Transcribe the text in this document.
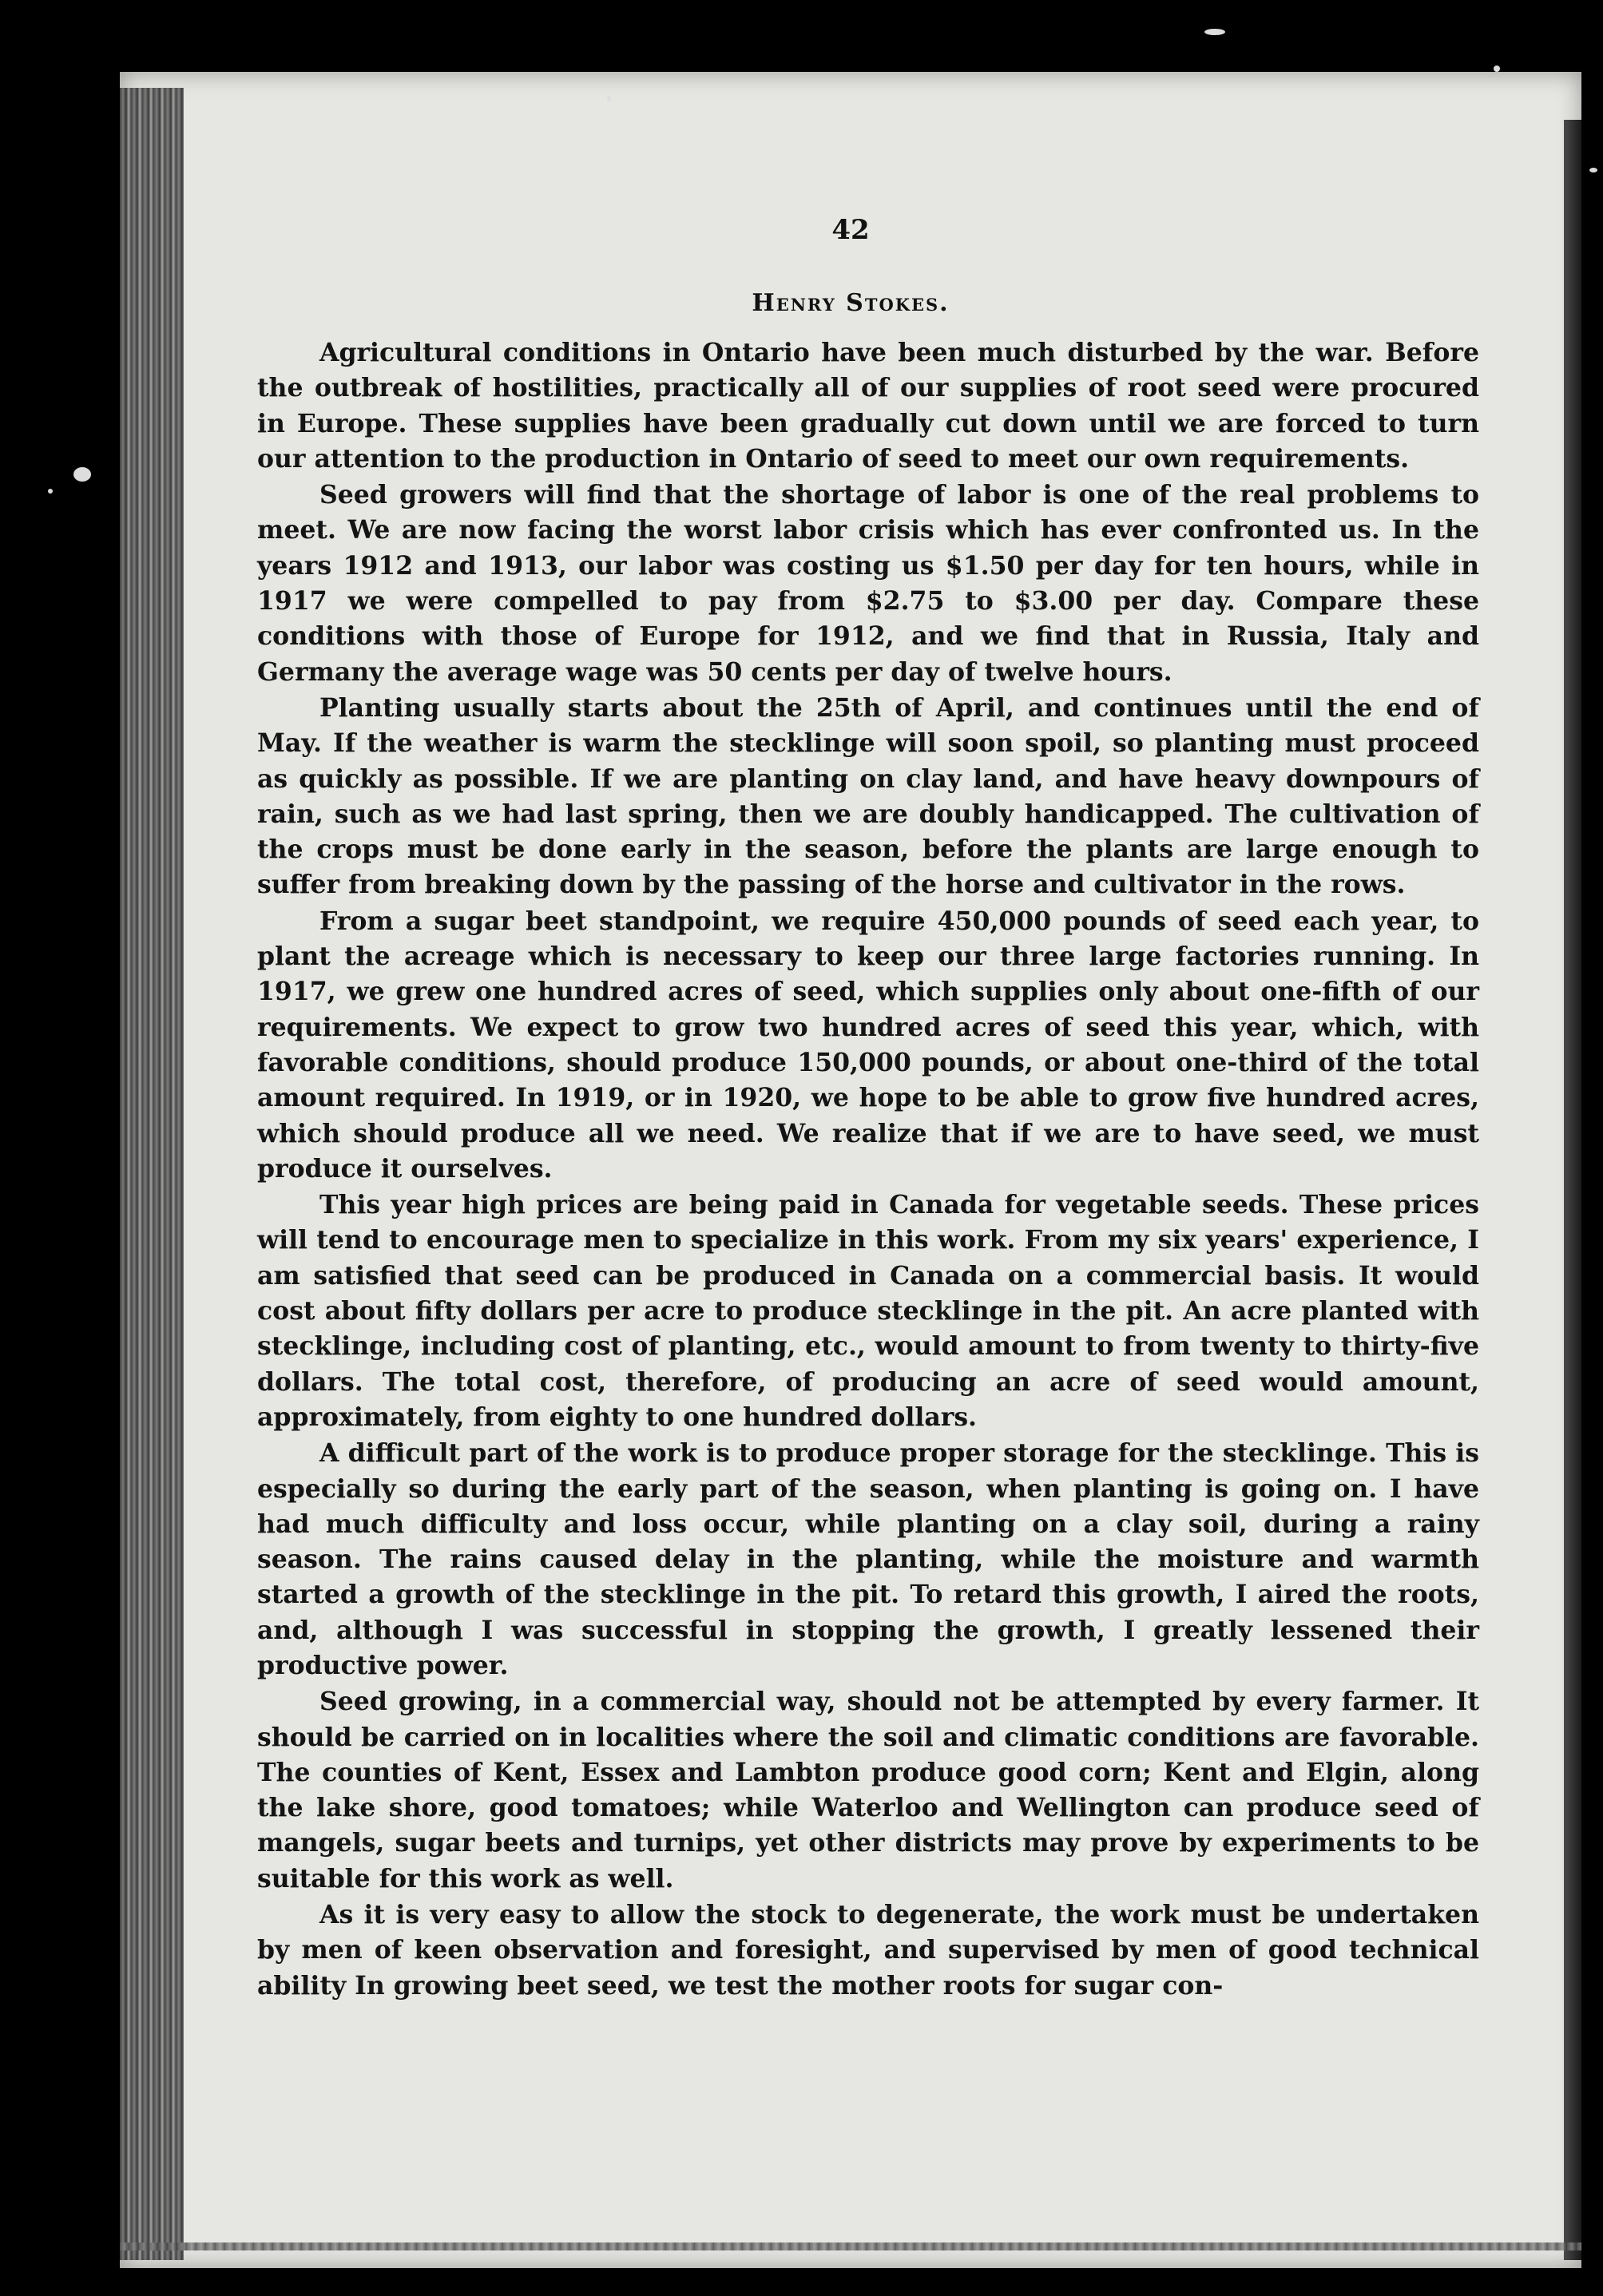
42
Henry Stokes.

Agricultural conditions in Ontario have been much disturbed by the war. Before the outbreak of hostilities, practically all of our supplies of root seed were procured in Europe. These supplies have been gradually cut down until we are forced to turn our attention to the production in Ontario of seed to meet our own requirements.

Seed growers will find that the shortage of labor is one of the real problems to meet. We are now facing the worst labor crisis which has ever confronted us. In the years 1912 and 1913, our labor was costing us $1.50 per day for ten hours, while in 1917 we were compelled to pay from $2.75 to $3.00 per day. Compare these conditions with those of Europe for 1912, and we find that in Russia, Italy and Germany the average wage was 50 cents per day of twelve hours.

Planting usually starts about the 25th of April, and continues until the end of May. If the weather is warm the stecklinge will soon spoil, so planting must proceed as quickly as possible. If we are planting on clay land, and have heavy downpours of rain, such as we had last spring, then we are doubly handicapped. The cultivation of the crops must be done early in the season, before the plants are large enough to suffer from breaking down by the passing of the horse and cultivator in the rows.

From a sugar beet standpoint, we require 450,000 pounds of seed each year, to plant the acreage which is necessary to keep our three large factories running. In 1917, we grew one hundred acres of seed, which supplies only about one-fifth of our requirements. We expect to grow two hundred acres of seed this year, which, with favorable conditions, should produce 150,000 pounds, or about one-third of the total amount required. In 1919, or in 1920, we hope to be able to grow five hundred acres, which should produce all we need. We realize that if we are to have seed, we must produce it ourselves.

This year high prices are being paid in Canada for vegetable seeds. These prices will tend to encourage men to specialize in this work. From my six years' experience, I am satisfied that seed can be produced in Canada on a commercial basis. It would cost about fifty dollars per acre to produce stecklinge in the pit. An acre planted with stecklinge, including cost of planting, etc., would amount to from twenty to thirty-five dollars. The total cost, therefore, of producing an acre of seed would amount, approximately, from eighty to one hundred dollars.

A difficult part of the work is to produce proper storage for the stecklinge. This is especially so during the early part of the season, when planting is going on. I have had much difficulty and loss occur, while planting on a clay soil, during a rainy season. The rains caused delay in the planting, while the moisture and warmth started a growth of the stecklinge in the pit. To retard this growth, I aired the roots, and, although I was successful in stopping the growth, I greatly lessened their productive power.

Seed growing, in a commercial way, should not be attempted by every farmer. It should be carried on in localities where the soil and climatic conditions are favorable. The counties of Kent, Essex and Lambton produce good corn; Kent and Elgin, along the lake shore, good tomatoes; while Waterloo and Wellington can produce seed of mangels, sugar beets and turnips, yet other districts may prove by experiments to be suitable for this work as well.

As it is very easy to allow the stock to degenerate, the work must be undertaken by men of keen observation and foresight, and supervised by men of good technical ability In growing beet seed, we test the mother roots for sugar con-
